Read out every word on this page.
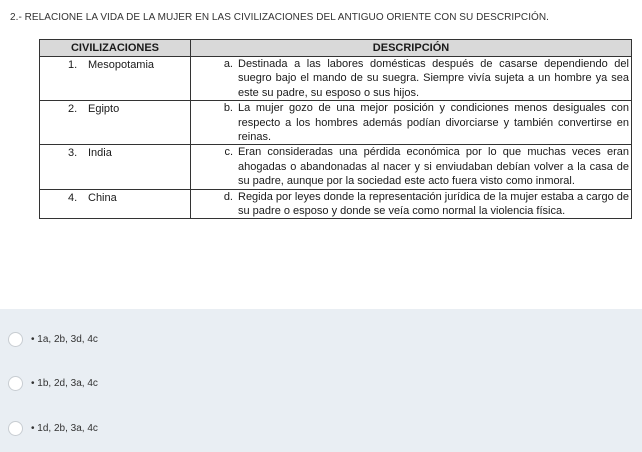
2.- RELACIONE LA VIDA DE LA MUJER EN LAS CIVILIZACIONES DEL ANTIGUO ORIENTE CON SU DESCRIPCIÓN.
CIVILIZACIONES	DESCRIPCIÓN
1. Mesopotamia	a. Destinada a las labores domésticas después de casarse dependiendo del suegro bajo el mando de su suegra. Siempre vivía sujeta a un hombre ya sea este su padre, su esposo o sus hijos.

2. Egipto	b. La mujer gozo de una mejor posición y condiciones menos desiguales con respecto a los hombres además podían divorciarse y también convertirse en reinas.

3. India	c. Eran consideradas una pérdida económica por lo que muchas veces eran ahogadas o abandonadas al nacer y si enviudaban debían volver a la casa de su padre, aunque por la sociedad este acto fuera visto como inmoral.

4. China	d. Regida por leyes donde la representación jurídica de la mujer estaba a cargo de su padre o esposo y donde se veía como normal la violencia física.
• 1a, 2b, 3d, 4c
• 1b, 2d, 3a, 4c
• 1d, 2b, 3a, 4c
